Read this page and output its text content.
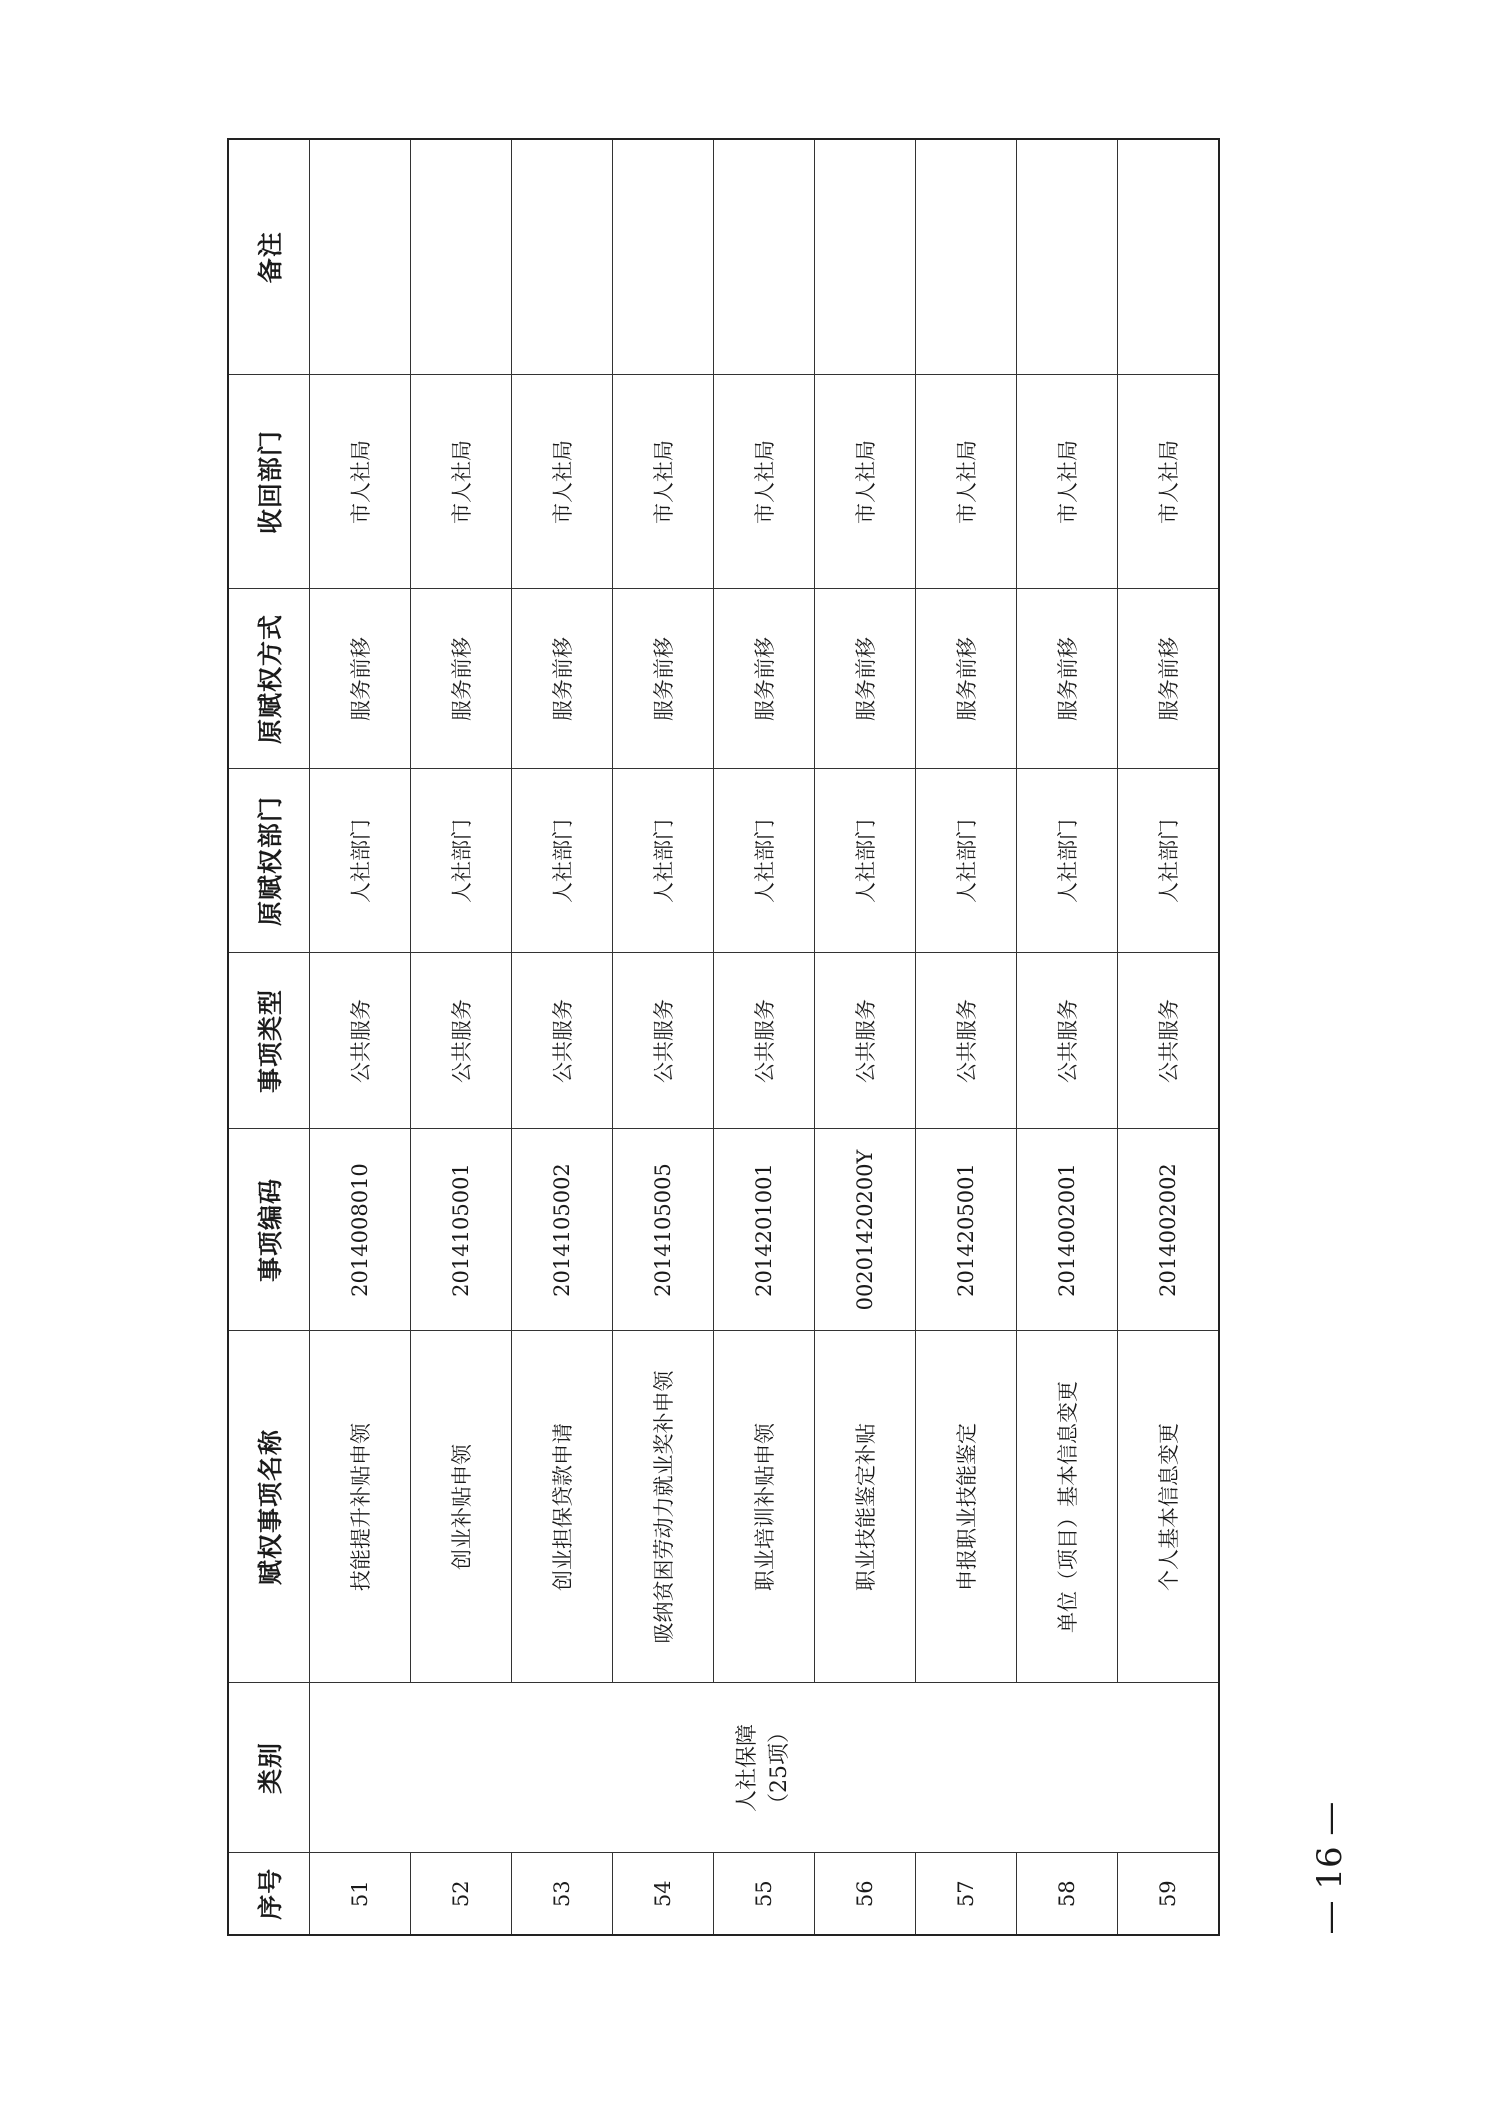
序号	类别	赋权事项名称	事项编码	事项类型	原赋权部门	原赋权方式	收回部门	备注
51	人社保障 （25项）	技能提升补贴申领	2014008010	公共服务	人社部门	服务前移	市人社局	
52		创业补贴申领	2014105001	公共服务	人社部门	服务前移	市人社局	
53		创业担保贷款申请	2014105002	公共服务	人社部门	服务前移	市人社局	
54		吸纳贫困劳动力就业奖补申领	2014105005	公共服务	人社部门	服务前移	市人社局	
55		职业培训补贴申领	2014201001	公共服务	人社部门	服务前移	市人社局	
56		职业技能鉴定补贴	00201420200Y	公共服务	人社部门	服务前移	市人社局	
57		申报职业技能鉴定	2014205001	公共服务	人社部门	服务前移	市人社局	
58		单位（项目）基本信息变更	2014002001	公共服务	人社部门	服务前移	市人社局	
59		个人基本信息变更	2014002002	公共服务	人社部门	服务前移	市人社局	
— 16 —
